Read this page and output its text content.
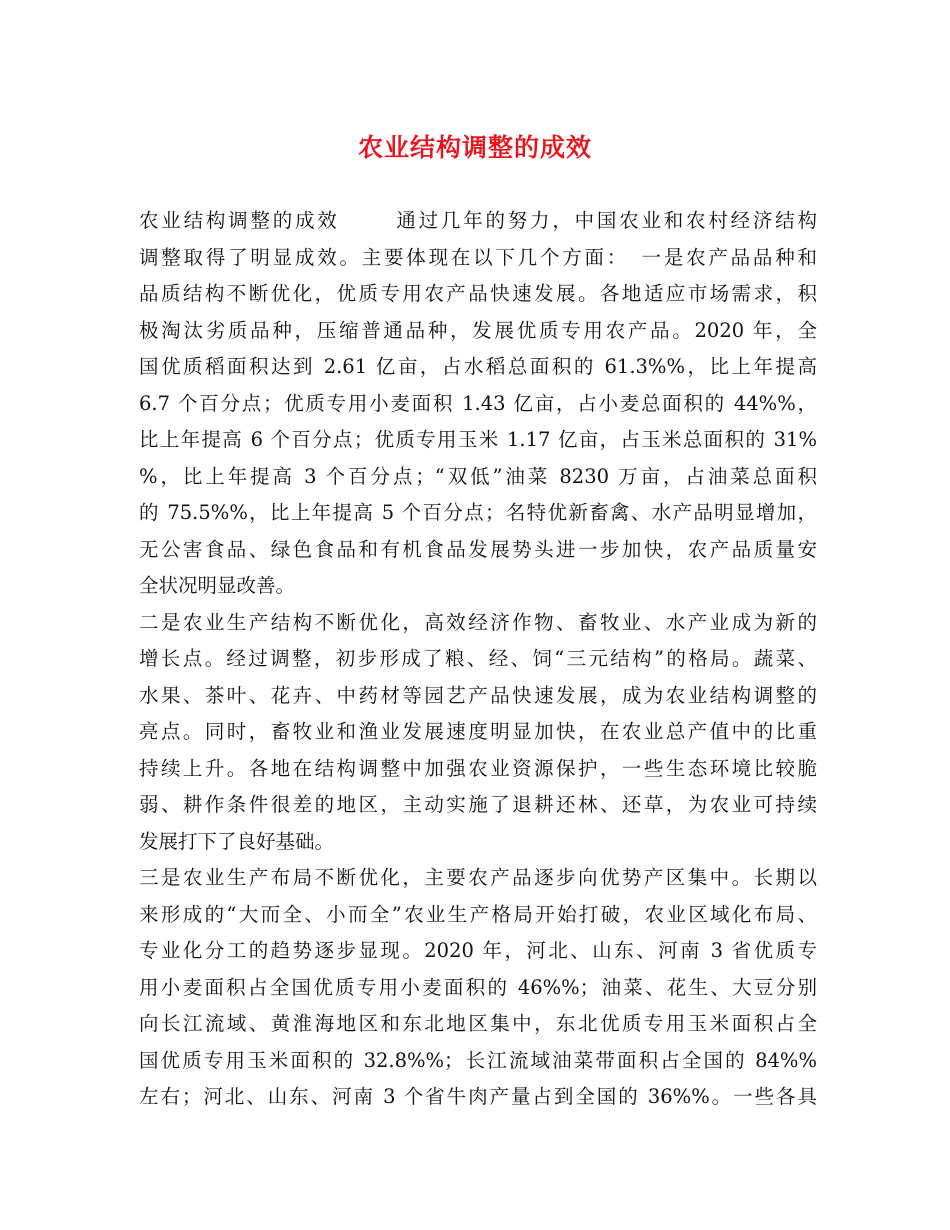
农业结构调整的成效
农业结构调整的成效	通过几年的努力，中国农业和农村经济结构
调整取得了明显成效。主要体现在以下几个方面：　一是农产品品种和
品质结构不断优化，优质专用农产品快速发展。各地适应市场需求，积
极淘汰劣质品种，压缩普通品种，发展优质专用农产品。2020 年，全
国优质稻面积达到 2.61 亿亩，占水稻总面积的 61.3%%，比上年提高
6.7 个百分点；优质专用小麦面积 1.43 亿亩，占小麦总面积的 44%%，
比上年提高 6 个百分点；优质专用玉米 1.17 亿亩，占玉米总面积的 31%
%，比上年提高 3 个百分点；“双低”油菜 8230 万亩，占油菜总面积
的 75.5%%，比上年提高 5 个百分点；名特优新畜禽、水产品明显增加，
无公害食品、绿色食品和有机食品发展势头进一步加快，农产品质量安
全状况明显改善。
二是农业生产结构不断优化，高效经济作物、畜牧业、水产业成为新的
增长点。经过调整，初步形成了粮、经、饲“三元结构”的格局。蔬菜、
水果、茶叶、花卉、中药材等园艺产品快速发展，成为农业结构调整的
亮点。同时，畜牧业和渔业发展速度明显加快，在农业总产值中的比重
持续上升。各地在结构调整中加强农业资源保护，一些生态环境比较脆
弱、耕作条件很差的地区，主动实施了退耕还林、还草，为农业可持续
发展打下了良好基础。
三是农业生产布局不断优化，主要农产品逐步向优势产区集中。长期以
来形成的“大而全、小而全”农业生产格局开始打破，农业区域化布局、
专业化分工的趋势逐步显现。2020 年，河北、山东、河南 3 省优质专
用小麦面积占全国优质专用小麦面积的 46%%；油菜、花生、大豆分别
向长江流域、黄淮海地区和东北地区集中，东北优质专用玉米面积占全
国优质专用玉米面积的 32.8%%；长江流域油菜带面积占全国的 84%%
左右；河北、山东、河南 3 个省牛肉产量占到全国的 36%%。一些各具
